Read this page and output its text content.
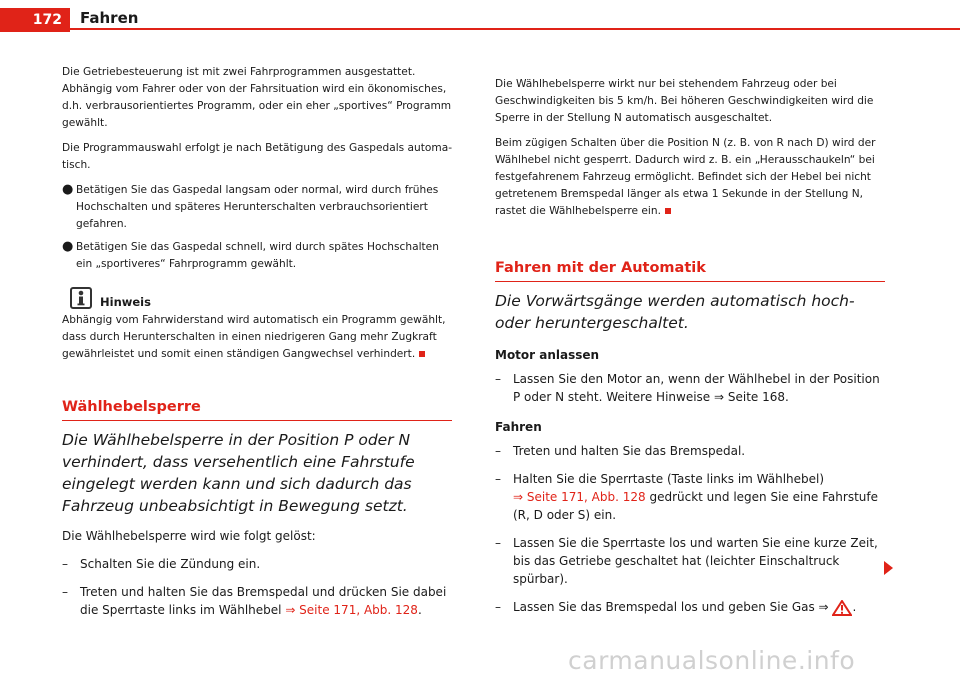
172	Fahren

Die Getriebesteuerung ist mit zwei Fahrprogrammen ausgestattet. Abhängig vom Fahrer oder von der Fahrsituation wird ein ökonomisches, d.h. verbrausorientiertes Programm, oder ein eher „sportives“ Programm gewählt.

Die Programmauswahl erfolgt je nach Betätigung des Gaspedals automatisch.

● Betätigen Sie das Gaspedal langsam oder normal, wird durch frühes Hochschalten und späteres Herunterschalten verbrauchsorientiert gefahren.
● Betätigen Sie das Gaspedal schnell, wird durch spätes Hochschalten ein „sportiveres“ Fahrprogramm gewählt.
Hinweis

Abhängig vom Fahrwiderstand wird automatisch ein Programm gewählt, dass durch Herunterschalten in einen niedrigeren Gang mehr Zugkraft gewährleistet und somit einen ständigen Gangwechsel verhindert.

Wählhebelsperre
Die Wählhebelsperre in der Position P oder N verhindert, dass versehentlich eine Fahrstufe eingelegt werden kann und sich dadurch das Fahrzeug unbeabsichtigt in Bewegung setzt.

Die Wählhebelsperre wird wie folgt gelöst:

–	Schalten Sie die Zündung ein.
–	Treten und halten Sie das Bremspedal und drücken Sie dabei die Sperrtaste links im Wählhebel ⇒ Seite 171, Abb. 128.

Die Wählhebelsperre wirkt nur bei stehendem Fahrzeug oder bei Geschwindigkeiten bis 5 km/h. Bei höheren Geschwindigkeiten wird die Sperre in der Stellung N automatisch ausgeschaltet.

Beim zügigen Schalten über die Position N (z. B. von R nach D) wird der Wählhebel nicht gesperrt. Dadurch wird z. B. ein „Herausschaukeln“ bei festgefahrenem Fahrzeug ermöglicht. Befindet sich der Hebel bei nicht getretenem Bremspedal länger als etwa 1 Sekunde in der Stellung N, rastet die Wählhebelsperre ein.

Fahren mit der Automatik
Die Vorwärtsgänge werden automatisch hoch- oder heruntergeschaltet.
Motor anlassen
–	Lassen Sie den Motor an, wenn der Wählhebel in der Position P oder N steht. Weitere Hinweise ⇒ Seite 168.
Fahren
–	Treten und halten Sie das Bremspedal.
–	Halten Sie die Sperrtaste (Taste links im Wählhebel)
⇒ Seite 171, Abb. 128 gedrückt und legen Sie eine Fahrstufe (R, D oder S) ein.
–	Lassen Sie die Sperrtaste los und warten Sie eine kurze Zeit, bis das Getriebe geschaltet hat (leichter Einschaltruck spürbar).
–	Lassen Sie das Bremspedal los und geben Sie Gas ⇒ .
carmanualsonline.info
